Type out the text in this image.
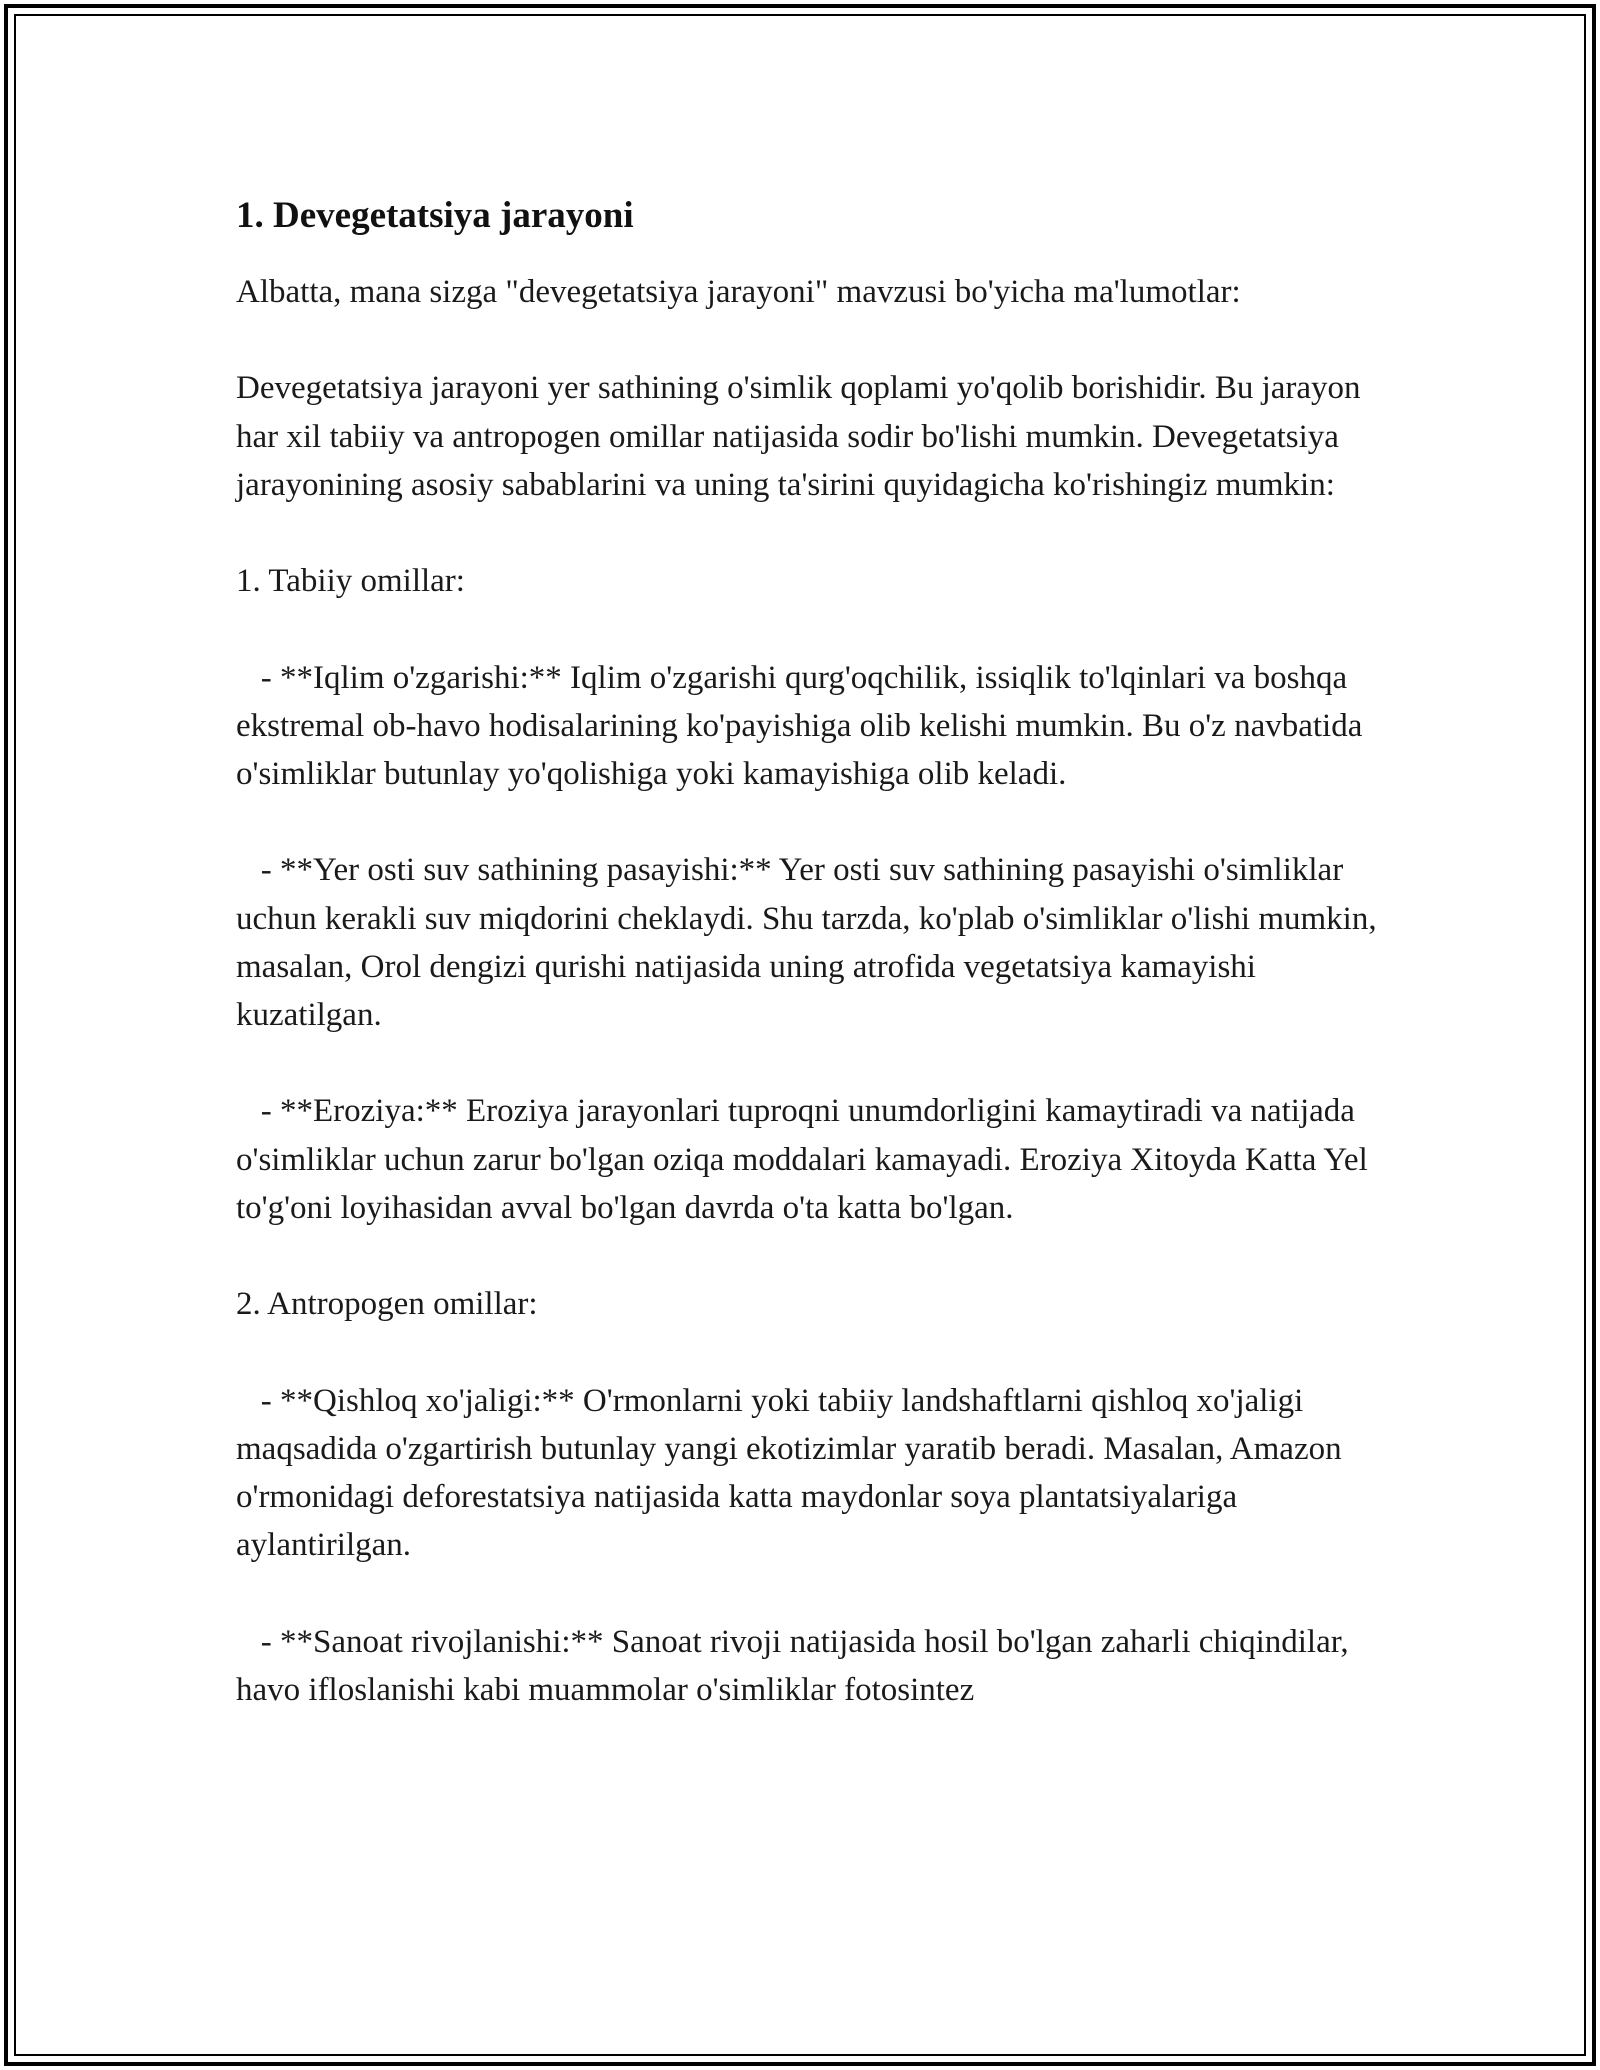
1. Devegetatsiya jarayoni

Albatta, mana sizga "devegetatsiya jarayoni" mavzusi bo'yicha ma'lumotlar:

Devegetatsiya jarayoni yer sathining o'simlik qoplami yo'qolib borishidir. Bu jarayon har xil tabiiy va antropogen omillar natijasida sodir bo'lishi mumkin. Devegetatsiya jarayonining asosiy sabablarini va uning ta'sirini quyidagicha ko'rishingiz mumkin:

1. Tabiiy omillar:

- **Iqlim o'zgarishi:** Iqlim o'zgarishi qurg'oqchilik, issiqlik to'lqinlari va boshqa ekstremal ob-havo hodisalarining ko'payishiga olib kelishi mumkin. Bu o'z navbatida o'simliklar butunlay yo'qolishiga yoki kamayishiga olib keladi.

- **Yer osti suv sathining pasayishi:** Yer osti suv sathining pasayishi o'simliklar uchun kerakli suv miqdorini cheklaydi. Shu tarzda, ko'plab o'simliklar o'lishi mumkin, masalan, Orol dengizi qurishi natijasida uning atrofida vegetatsiya kamayishi kuzatilgan.

- **Eroziya:** Eroziya jarayonlari tuproqni unumdorligini kamaytiradi va natijada o'simliklar uchun zarur bo'lgan oziqa moddalari kamayadi. Eroziya Xitoyda Katta Yel to'g'oni loyihasidan avval bo'lgan davrda o'ta katta bo'lgan.

2. Antropogen omillar:

- **Qishloq xo'jaligi:** O'rmonlarni yoki tabiiy landshaftlarni qishloq xo'jaligi maqsadida o'zgartirish butunlay yangi ekotizimlar yaratib beradi. Masalan, Amazon o'rmonidagi deforestatsiya natijasida katta maydonlar soya plantatsiyalariga aylantirilgan.

- **Sanoat rivojlanishi:** Sanoat rivoji natijasida hosil bo'lgan zaharli chiqindilar, havo ifloslanishi kabi muammolar o'simliklar fotosintez
